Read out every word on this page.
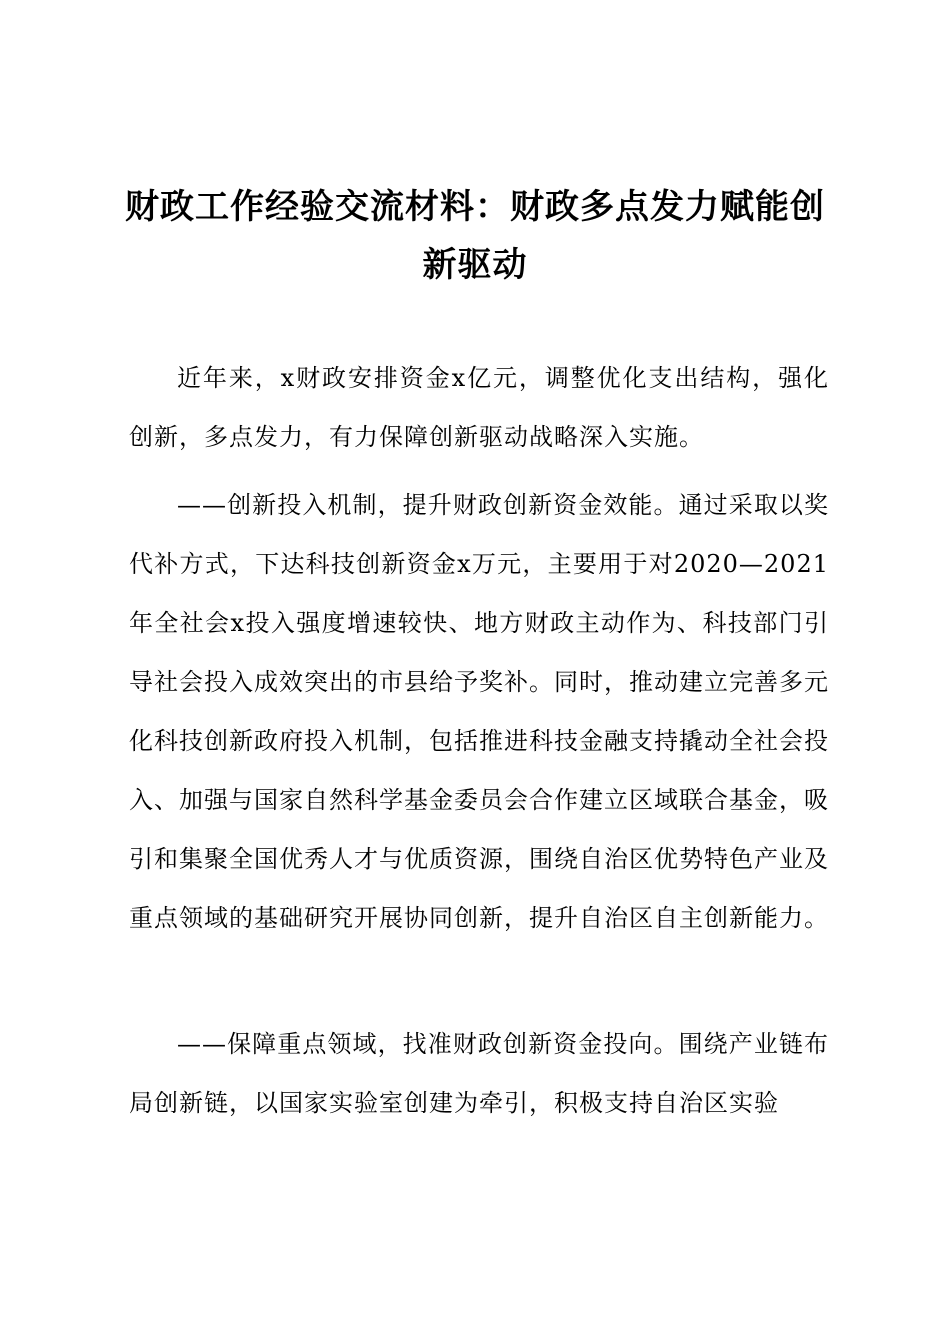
财政工作经验交流材料：财政多点发力赋能创新驱动

近年来，x财政安排资金x亿元，调整优化支出结构，强化创新，多点发力，有力保障创新驱动战略深入实施。

——创新投入机制，提升财政创新资金效能。通过采取以奖代补方式，下达科技创新资金x万元，主要用于对2020—2021年全社会x投入强度增速较快、地方财政主动作为、科技部门引导社会投入成效突出的市县给予奖补。同时，推动建立完善多元化科技创新政府投入机制，包括推进科技金融支持撬动全社会投入、加强与国家自然科学基金委员会合作建立区域联合基金，吸引和集聚全国优秀人才与优质资源，围绕自治区优势特色产业及重点领域的基础研究开展协同创新，提升自治区自主创新能力。

——保障重点领域，找准财政创新资金投向。围绕产业链布局创新链，以国家实验室创建为牵引，积极支持自治区实验
